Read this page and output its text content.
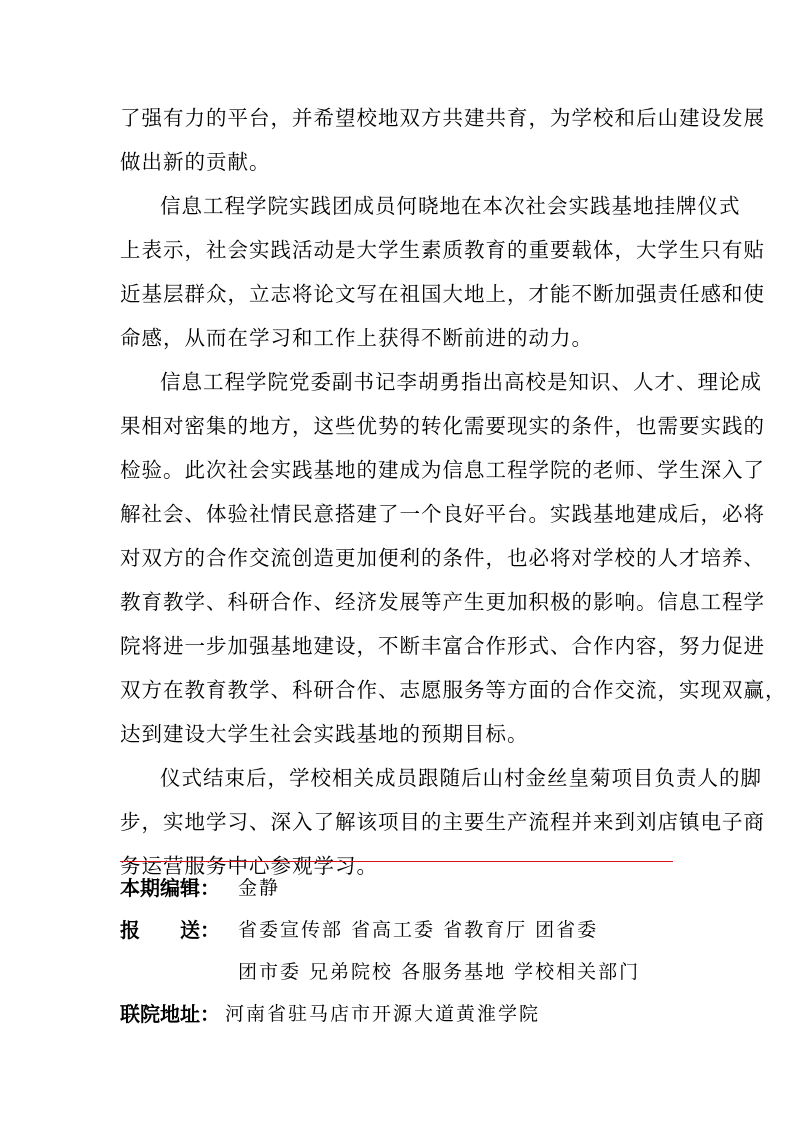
了强有力的平台，并希望校地双方共建共育，为学校和后山建设发展
做出新的贡献。
信息工程学院实践团成员何晓地在本次社会实践基地挂牌仪式
上表示，社会实践活动是大学生素质教育的重要载体，大学生只有贴
近基层群众，立志将论文写在祖国大地上，才能不断加强责任感和使
命感，从而在学习和工作上获得不断前进的动力。
信息工程学院党委副书记李胡勇指出高校是知识、人才、理论成
果相对密集的地方，这些优势的转化需要现实的条件，也需要实践的
检验。此次社会实践基地的建成为信息工程学院的老师、学生深入了
解社会、体验社情民意搭建了一个良好平台。实践基地建成后，必将
对双方的合作交流创造更加便利的条件，也必将对学校的人才培养、
教育教学、科研合作、经济发展等产生更加积极的影响。信息工程学
院将进一步加强基地建设，不断丰富合作形式、合作内容，努力促进
双方在教育教学、科研合作、志愿服务等方面的合作交流，实现双赢，
达到建设大学生社会实践基地的预期目标。
仪式结束后，学校相关成员跟随后山村金丝皇菊项目负责人的脚
步，实地学习、深入了解该项目的主要生产流程并来到刘店镇电子商
务运营服务中心参观学习。
本期编辑： 金静
报　　送： 省委宣传部 省高工委 省教育厅 团省委
团市委 兄弟院校 各服务基地 学校相关部门
联院地址： 河南省驻马店市开源大道黄淮学院
